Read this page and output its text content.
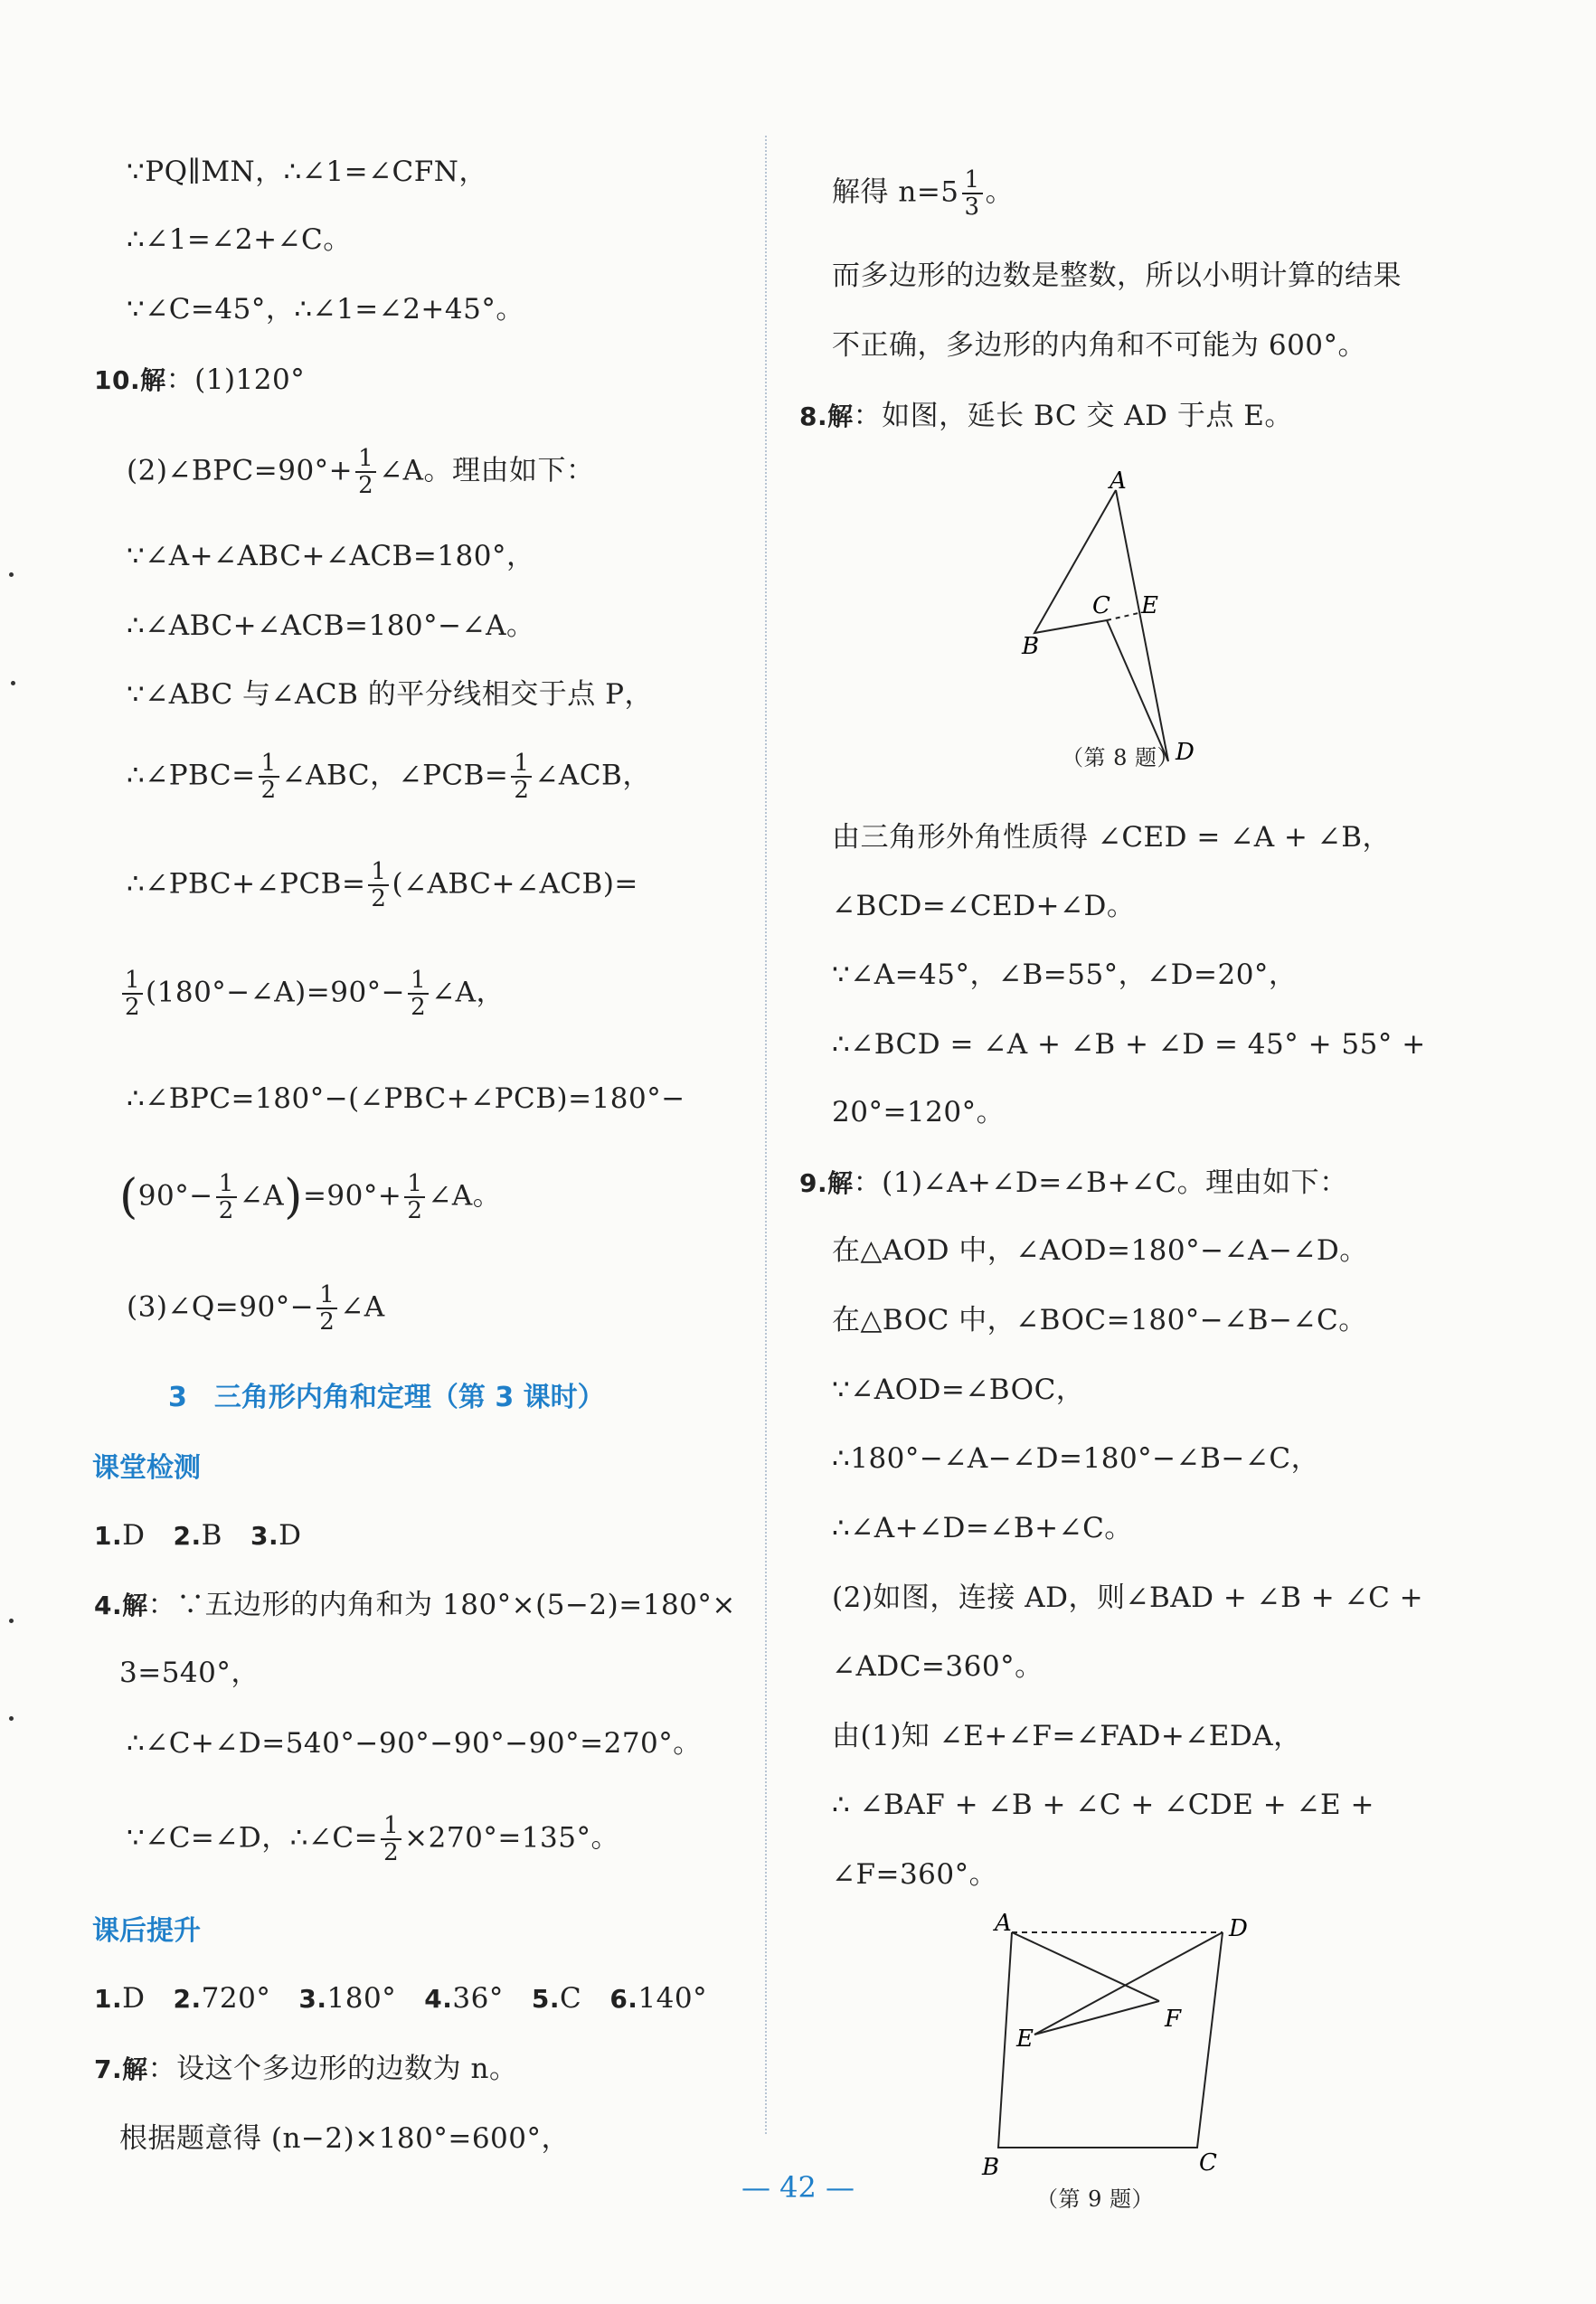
∵PQ∥MN，∴∠1=∠CFN，
∴∠1=∠2+∠C。
∵∠C=45°，∴∠1=∠2+45°。
10.解：(1)120°
(2)∠BPC=90°+ $\frac{1}{2}$ ∠A。理由如下：
∵∠A+∠ABC+∠ACB=180°，
∴∠ABC+∠ACB=180°−∠A。
∵∠ABC 与∠ACB 的平分线相交于点 P，
∴∠PBC= $\frac{1}{2}$ ∠ABC，∠PCB= $\frac{1}{2}$ ∠ACB，
∴∠PBC+∠PCB= $\frac{1}{2}$ (∠ABC+∠ACB)=
$\frac{1}{2}$ (180°−∠A)=90°− $\frac{1}{2}$ ∠A，
∴∠BPC=180°−(∠PBC+∠PCB)=180°−
($90^\circ- \frac{1}{2}$ ∠A)=90°+ $\frac{1}{2}$ ∠A。
(3)∠Q=90°− $\frac{1}{2}$ ∠A
3　三角形内角和定理（第 3 课时）
课堂检测
1.D 2.B 3.D
4.解：∵五边形的内角和为 180°×(5−2)=180°×
3=540°，
∴∠C+∠D=540°−90°−90°−90°=270°。
∵∠C=∠D，∴∠C= $\frac{1}{2} \times 270^\circ=135^\circ$。
课后提升
1.D 2.720° 3.180° 4.36° 5.C 6.140°
7.解：设这个多边形的边数为 n。
根据题意得 (n−2)×180°=600°，
解得 $n=5 \frac{1}{3}$ 。
而多边形的边数是整数，所以小明计算的结果
不正确，多边形的内角和不可能为 600°。
8.解：如图，延长 BC 交 AD 于点 E。
A
B
C E
D
（第 8 题）
由三角形外角性质得 ∠CED = ∠A + ∠B，
∠BCD=∠CED+∠D。
∵∠A=45°，∠B=55°，∠D=20°，
∴∠BCD = ∠A + ∠B + ∠D = 45° + 55° +
20°=120°。
9.解：(1)∠A+∠D=∠B+∠C。理由如下：
在△AOD 中，∠AOD=180°−∠A−∠D。
在△BOC 中，∠BOC=180°−∠B−∠C。
∵∠AOD=∠BOC，
∴180°−∠A−∠D=180°−∠B−∠C，
∴∠A+∠D=∠B+∠C。
(2)如图，连接 AD，则∠BAD + ∠B + ∠C +
∠ADC=360°。
由(1)知 ∠E+∠F=∠FAD+∠EDA，
∴ ∠BAF + ∠B + ∠C + ∠CDE + ∠E +
∠F=360°。
A	D
E
F
B	C
（第 9 题）
— 42 —
